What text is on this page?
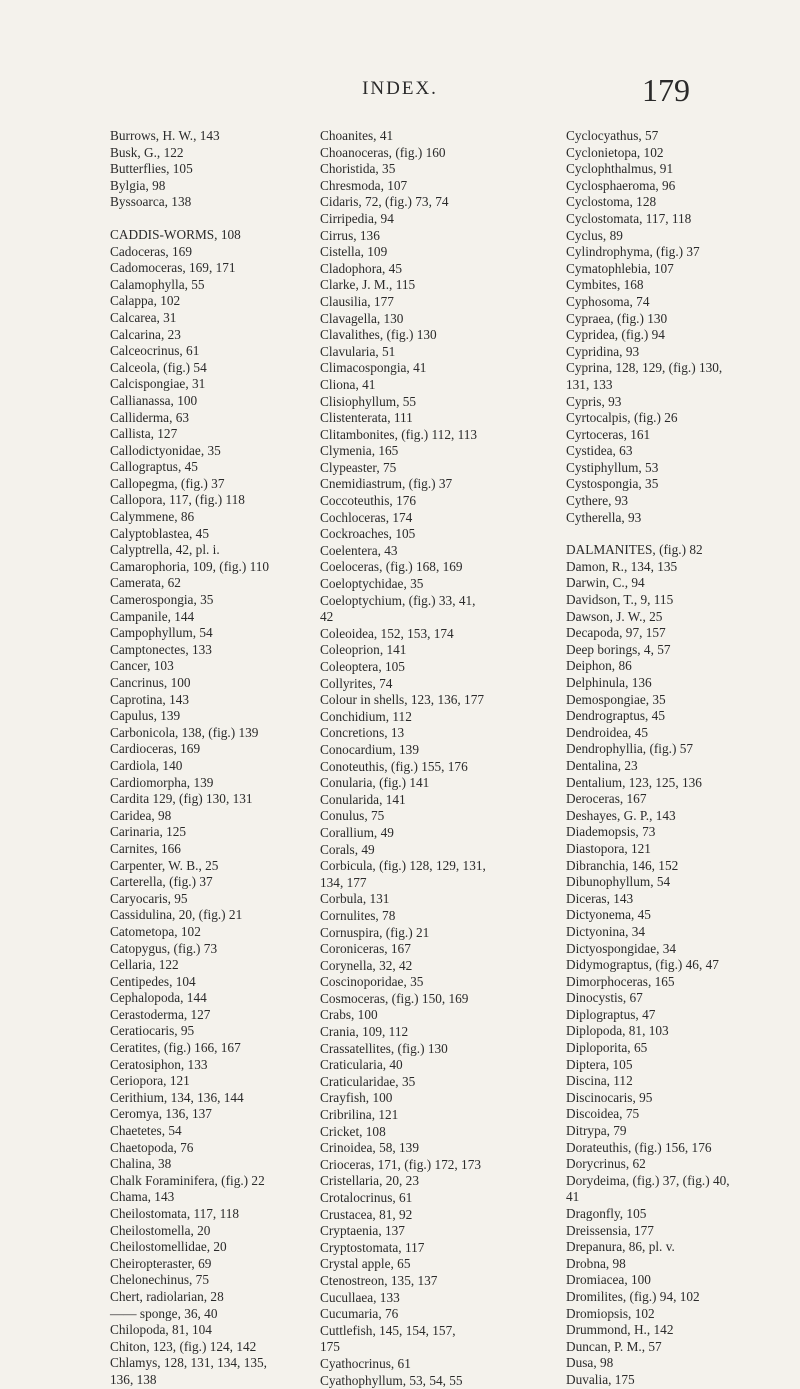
INDEX.	179
Burrows, H. W., 143
Busk, G., 122
Butterflies, 105
Bylgia, 98
Byssoarca, 138
CADDIS-WORMS, 108
Cadoceras, 169
Cadomoceras, 169, 171
Calamophylla, 55
Calappa, 102
Calcarea, 31
Calcarina, 23
Calceocrinus, 61
Calceola, (fig.) 54
Calcispongiae, 31
Callianassa, 100
Calliderma, 63
Callista, 127
Callodictyonidae, 35
Callograptus, 45
Callopegma, (fig.) 37
Callopora, 117, (fig.) 118
Calymmene, 86
Calyptoblastea, 45
Calyptrella, 42, pl. i.
Camarophoria, 109, (fig.) 110
Camerata, 62
Camerospongia, 35
Campanile, 144
Campophyllum, 54
Camptonectes, 133
Cancer, 103
Cancrinus, 100
Caprotina, 143
Capulus, 139
Carbonicola, 138, (fig.) 139
Cardioceras, 169
Cardiola, 140
Cardiomorpha, 139
Cardita 129, (fig) 130, 131
Caridea, 98
Carinaria, 125
Carnites, 166
Carpenter, W. B., 25
Carterella, (fig.) 37
Caryocaris, 95
Cassidulina, 20, (fig.) 21
Catometopa, 102
Catopygus, (fig.) 73
Cellaria, 122
Centipedes, 104
Cephalopoda, 144
Cerastoderma, 127
Ceratiocaris, 95
Ceratites, (fig.) 166, 167
Ceratosiphon, 133
Ceriopora, 121
Cerithium, 134, 136, 144
Ceromya, 136, 137
Chaetetes, 54
Chaetopoda, 76
Chalina, 38
Chalk Foraminifera, (fig.) 22
Chama, 143
Cheilostomata, 117, 118
Cheilostomella, 20
Cheilostomellidae, 20
Cheiropteraster, 69
Chelonechinus, 75
Chert, radiolarian, 28
—— sponge, 36, 40
Chilopoda, 81, 104
Chiton, 123, (fig.) 124, 142
Chlamys, 128, 131, 134, 135,
136, 138
Choanites, 41
Choanoceras, (fig.) 160
Choristida, 35
Chresmoda, 107
Cidaris, 72, (fig.) 73, 74
Cirripedia, 94
Cirrus, 136
Cistella, 109
Cladophora, 45
Clarke, J. M., 115
Clausilia, 177
Clavagella, 130
Clavalithes, (fig.) 130
Clavularia, 51
Climacospongia, 41
Cliona, 41
Clisiophyllum, 55
Clistenterata, 111
Clitambonites, (fig.) 112, 113
Clymenia, 165
Clypeaster, 75
Cnemidiastrum, (fig.) 37
Coccoteuthis, 176
Cochloceras, 174
Cockroaches, 105
Coelentera, 43
Coeloceras, (fig.) 168, 169
Coeloptychidae, 35
Coeloptychium, (fig.) 33, 41,
42
Coleoidea, 152, 153, 174
Coleoprion, 141
Coleoptera, 105
Collyrites, 74
Colour in shells, 123, 136, 177
Conchidium, 112
Concretions, 13
Conocardium, 139
Conoteuthis, (fig.) 155, 176
Conularia, (fig.) 141
Conularida, 141
Conulus, 75
Corallium, 49
Corals, 49
Corbicula, (fig.) 128, 129, 131,
134, 177
Corbula, 131
Cornulites, 78
Cornuspira, (fig.) 21
Coroniceras, 167
Corynella, 32, 42
Coscinoporidae, 35
Cosmoceras, (fig.) 150, 169
Crabs, 100
Crania, 109, 112
Crassatellites, (fig.) 130
Craticularia, 40
Craticularidae, 35
Crayfish, 100
Cribrilina, 121
Cricket, 108
Crinoidea, 58, 139
Crioceras, 171, (fig.) 172, 173
Cristellaria, 20, 23
Crotalocrinus, 61
Crustacea, 81, 92
Cryptaenia, 137
Cryptostomata, 117
Crystal apple, 65
Ctenostreon, 135, 137
Cucullaea, 133
Cucumaria, 76
Cuttlefish, 145, 154, 157,
175
Cyathocrinus, 61
Cyathophyllum, 53, 54, 55
Cyclocyathus, 57
Cyclonietopa, 102
Cyclophthalmus, 91
Cyclosphaeroma, 96
Cyclostoma, 128
Cyclostomata, 117, 118
Cyclus, 89
Cylindrophyma, (fig.) 37
Cymatophlebia, 107
Cymbites, 168
Cyphosoma, 74
Cypraea, (fig.) 130
Cypridea, (fig.) 94
Cypridina, 93
Cyprina, 128, 129, (fig.) 130,
131, 133
Cypris, 93
Cyrtocalpis, (fig.) 26
Cyrtoceras, 161
Cystidea, 63
Cystiphyllum, 53
Cystospongia, 35
Cythere, 93
Cytherella, 93
DALMANITES, (fig.) 82
Damon, R., 134, 135
Darwin, C., 94
Davidson, T., 9, 115
Dawson, J. W., 25
Decapoda, 97, 157
Deep borings, 4, 57
Deiphon, 86
Delphinula, 136
Demospongiae, 35
Dendrograptus, 45
Dendroidea, 45
Dendrophyllia, (fig.) 57
Dentalina, 23
Dentalium, 123, 125, 136
Deroceras, 167
Deshayes, G. P., 143
Diademopsis, 73
Diastopora, 121
Dibranchia, 146, 152
Dibunophyllum, 54
Diceras, 143
Dictyonema, 45
Dictyonina, 34
Dictyospongidae, 34
Didymograptus, (fig.) 46, 47
Dimorphoceras, 165
Dinocystis, 67
Diplograptus, 47
Diplopoda, 81, 103
Diploporita, 65
Diptera, 105
Discina, 112
Discinocaris, 95
Discoidea, 75
Ditrypa, 79
Dorateuthis, (fig.) 156, 176
Dorycrinus, 62
Dorydeima, (fig.) 37, (fig.) 40,
41
Dragonfly, 105
Dreissensia, 177
Drepanura, 86, pl. v.
Drobna, 98
Dromiacea, 100
Dromilites, (fig.) 94, 102
Dromiopsis, 102
Drummond, H., 142
Duncan, P. M., 57
Dusa, 98
Duvalia, 175
